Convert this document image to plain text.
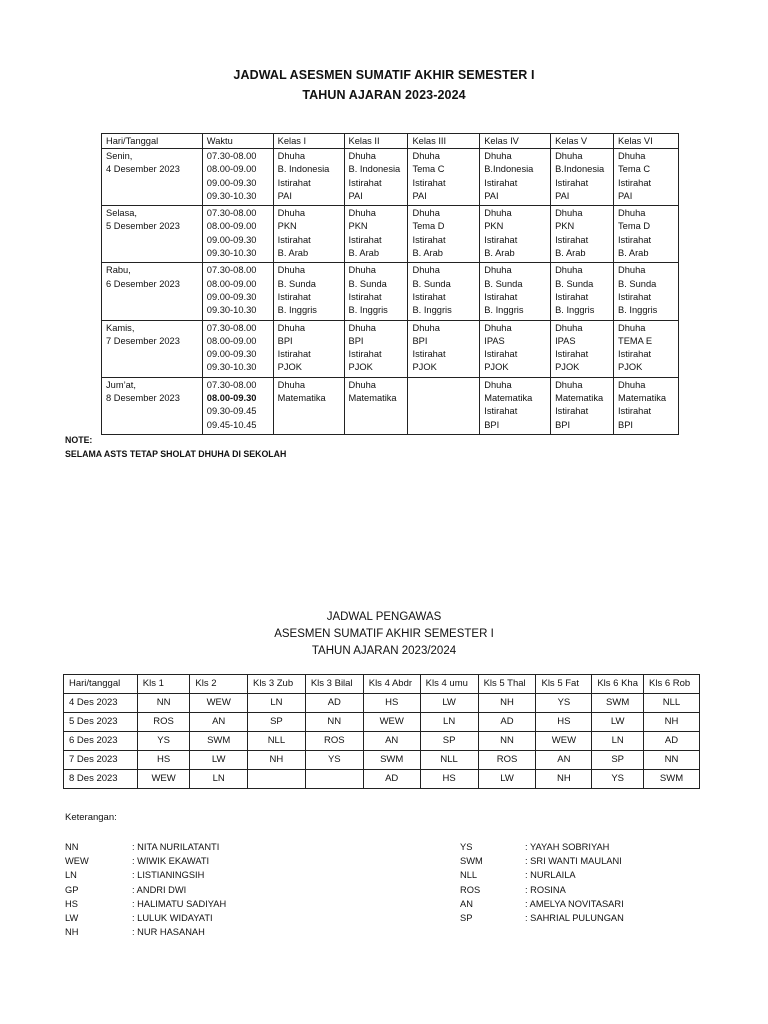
JADWAL ASESMEN SUMATIF AKHIR SEMESTER I
TAHUN AJARAN 2023-2024
Hari/Tanggal	Waktu	Kelas I	Kelas II	Kelas III	Kelas IV	Kelas V	Kelas VI

Senin,
4 Desember 2023	07.30-08.00
08.00-09.00
09.00-09.30
09.30-10.30	Dhuha
B. Indonesia
Istirahat
PAI	Dhuha
B. Indonesia
Istirahat
PAI	Dhuha
Tema C
Istirahat
PAI	Dhuha
B.Indonesia
Istirahat
PAI	Dhuha
B.Indonesia
Istirahat
PAI	Dhuha
Tema C
Istirahat
PAI

Selasa,
5 Desember 2023	07.30-08.00
08.00-09.00
09.00-09.30
09.30-10.30	Dhuha
PKN
Istirahat
B. Arab	Dhuha
PKN
Istirahat
B. Arab	Dhuha
Tema D
Istirahat
B. Arab	Dhuha
PKN
Istirahat
B. Arab	Dhuha
PKN
Istirahat
B. Arab	Dhuha
Tema D
Istirahat
B. Arab

Rabu,
6 Desember 2023	07.30-08.00
08.00-09.00
09.00-09.30
09.30-10.30	Dhuha
B. Sunda
Istirahat
B. Inggris	Dhuha
B. Sunda
Istirahat
B. Inggris	Dhuha
B. Sunda
Istirahat
B. Inggris	Dhuha
B. Sunda
Istirahat
B. Inggris	Dhuha
B. Sunda
Istirahat
B. Inggris	Dhuha
B. Sunda
Istirahat
B. Inggris

Kamis,
7 Desember 2023	07.30-08.00
08.00-09.00
09.00-09.30
09.30-10.30	Dhuha
BPI
Istirahat
PJOK	Dhuha
BPI
Istirahat
PJOK	Dhuha
BPI
Istirahat
PJOK	Dhuha
IPAS
Istirahat
PJOK	Dhuha
IPAS
Istirahat
PJOK	Dhuha
TEMA E
Istirahat
PJOK

Jum’at,
8 Desember 2023	07.30-08.00
08.00-09.30
09.30-09.45
09.45-10.45	Dhuha
Matematika	Dhuha
Matematika		Dhuha
Matematika
Istirahat
BPI	Dhuha
Matematika
Istirahat
BPI	Dhuha
Matematika
Istirahat
BPI
NOTE:
SELAMA ASTS TETAP SHOLAT DHUHA DI SEKOLAH
JADWAL PENGAWAS
ASESMEN SUMATIF AKHIR SEMESTER I
TAHUN AJARAN 2023/2024
Hari/tanggal	Kls 1	Kls 2	Kls 3 Zub	Kls 3 Bilal	Kls 4 Abdr	Kls 4 umu	Kls 5 Thal	Kls 5 Fat	Kls 6 Kha	Kls 6 Rob
4 Des 2023	NN	WEW	LN	AD	HS	LW	NH	YS	SWM	NLL
5 Des 2023	ROS	AN	SP	NN	WEW	LN	AD	HS	LW	NH
6 Des 2023	YS	SWM	NLL	ROS	AN	SP	NN	WEW	LN	AD
7 Des 2023	HS	LW	NH	YS	SWM	NLL	ROS	AN	SP	NN
8 Des 2023	WEW	LN			AD	HS	LW	NH	YS	SWM
Keterangan:
NN	: NITA NURILATANTI
WEW	: WIWIK EKAWATI
LN	: LISTIANINGSIH
GP	: ANDRI DWI
HS	: HALIMATU SADIYAH
LW	: LULUK WIDAYATI
NH	: NUR HASANAH
YS	: YAYAH SOBRIYAH
SWM	: SRI WANTI MAULANI
NLL	: NURLAILA
ROS	: ROSINA
AN	: AMELYA NOVITASARI
SP	: SAHRIAL PULUNGAN
